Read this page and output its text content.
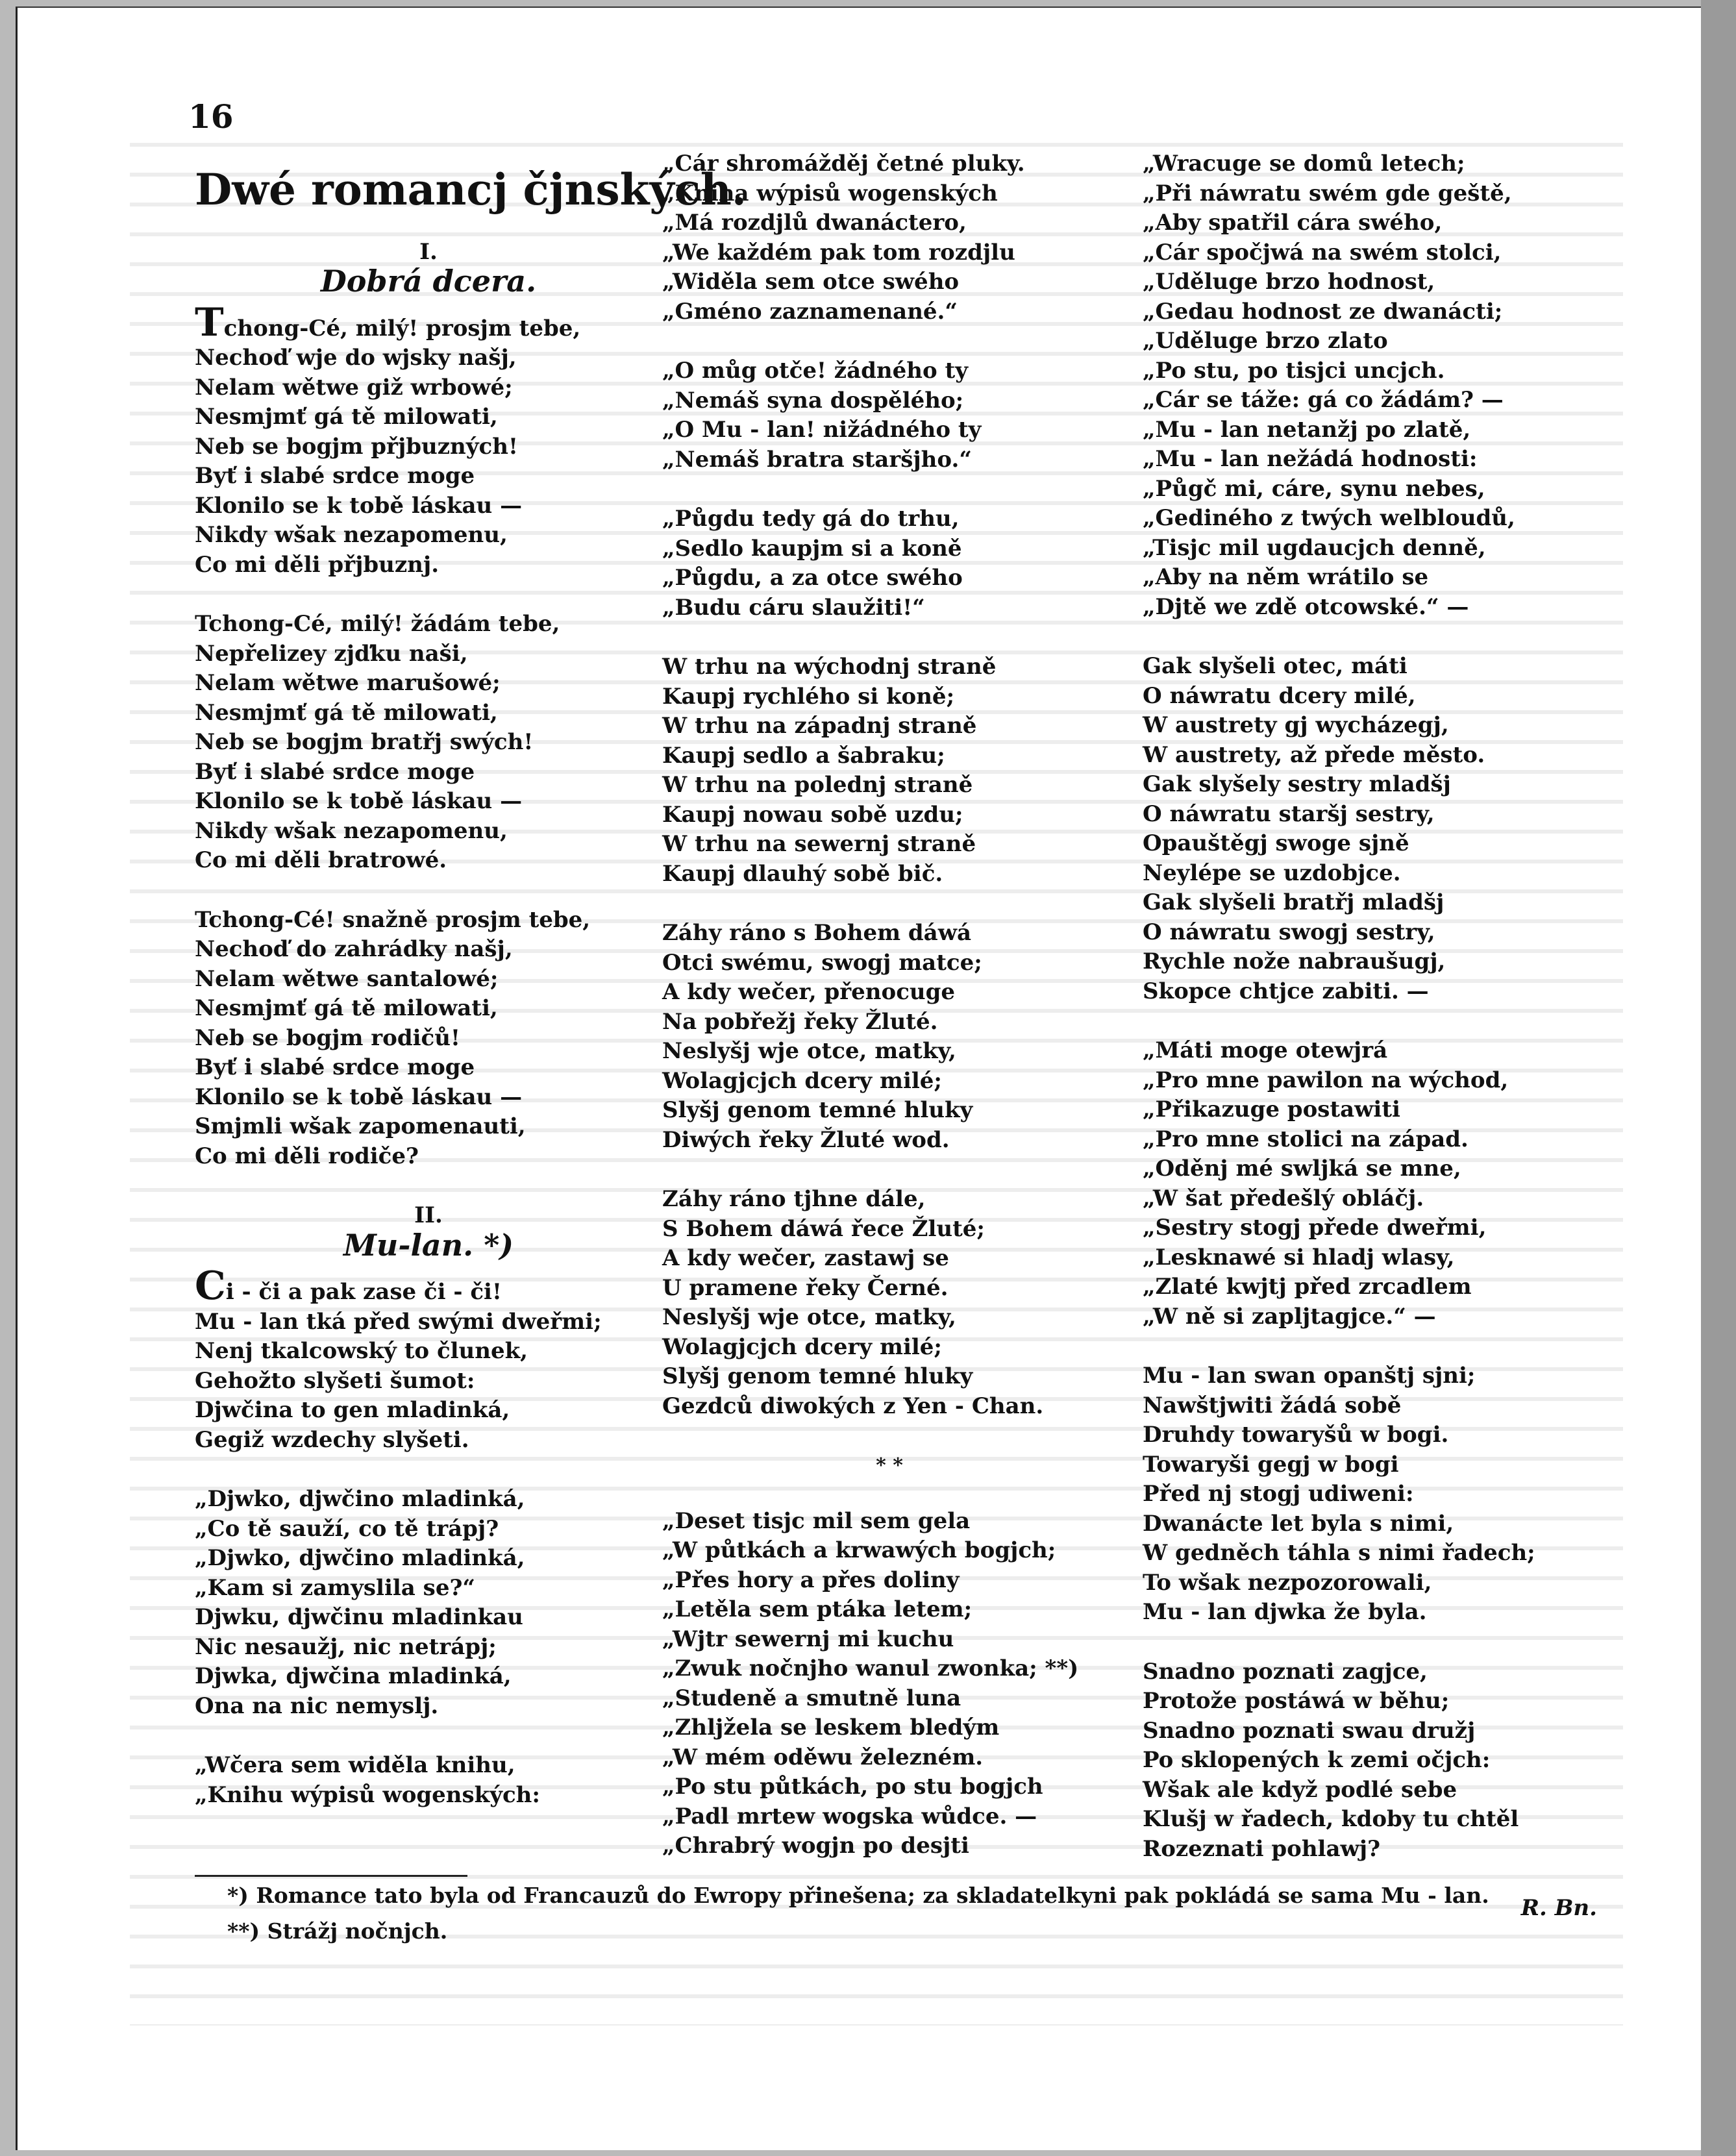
16
Dwé romancj čjnských.
I.
Dobrá dcera.
Tchong-Cé, milý! prosjm tebe,
Nechoď wje do wjsky našj,
Nelam wětwe giž wrbowé;
Nesmjmť gá tě milowati,
Neb se bogjm přjbuzných!
Byť i slabé srdce moge
Klonilo se k tobě láskau —
Nikdy wšak nezapomenu,
Co mi děli přjbuznj.
Tchong-Cé, milý! žádám tebe,
Nepřelizey zjďku naši,
Nelam wětwe marušowé;
Nesmjmť gá tě milowati,
Neb se bogjm bratřj swých!
Byť i slabé srdce moge
Klonilo se k tobě láskau —
Nikdy wšak nezapomenu,
Co mi děli bratrowé.
Tchong-Cé! snažně prosjm tebe,
Nechoď do zahrádky našj,
Nelam wětwe santalowé;
Nesmjmť gá tě milowati,
Neb se bogjm rodičů!
Byť i slabé srdce moge
Klonilo se k tobě láskau —
Smjmli wšak zapomenauti,
Co mi děli rodiče?
II.
Mu-lan. *)
Ci - či a pak zase či - či!
Mu - lan tká před swými dweřmi;
Nenj tkalcowský to člunek,
Gehožto slyšeti šumot:
Djwčina to gen mladinká,
Gegiž wzdechy slyšeti.
„Djwko, djwčino mladinká,
„Co tě sauží, co tě trápj?
„Djwko, djwčino mladinká,
„Kam si zamyslila se?“
Djwku, djwčinu mladinkau
Nic nesaužj, nic netrápj;
Djwka, djwčina mladinká,
Ona na nic nemyslj.
„Wčera sem widěla knihu,
„Knihu wýpisů wogenských:
„Cár shromážděj četné pluky.
„Kniha wýpisů wogenských
„Má rozdjlů dwanáctero,
„We každém pak tom rozdjlu
„Widěla sem otce swého
„Gméno zaznamenané.“
„O můg otče! žádného ty
„Nemáš syna dospělého;
„O Mu - lan! nižádného ty
„Nemáš bratra staršjho.“
„Půgdu tedy gá do trhu,
„Sedlo kaupjm si a koně
„Půgdu, a za otce swého
„Budu cáru slaužiti!“
W trhu na wýchodnj straně
Kaupj rychlého si koně;
W trhu na západnj straně
Kaupj sedlo a šabraku;
W trhu na polednj straně
Kaupj nowau sobě uzdu;
W trhu na sewernj straně
Kaupj dlauhý sobě bič.
Záhy ráno s Bohem dáwá
Otci swému, swogj matce;
A kdy wečer, přenocuge
Na pobřežj řeky Žluté.
Neslyšj wje otce, matky,
Wolagjcjch dcery milé;
Slyšj genom temné hluky
Diwých řeky Žluté wod.
Záhy ráno tjhne dále,
S Bohem dáwá řece Žluté;
A kdy wečer, zastawj se
U pramene řeky Černé.
Neslyšj wje otce, matky,
Wolagjcjch dcery milé;
Slyšj genom temné hluky
Gezdců diwokých z Yen - Chan.
* *
„Deset tisjc mil sem gela
„W půtkách a krwawých bogjch;
„Přes hory a přes doliny
„Letěla sem ptáka letem;
„Wjtr sewernj mi kuchu
„Zwuk nočnjho wanul zwonka; **)
„Studeně a smutně luna
„Zhljžela se leskem bledým
„W mém oděwu železném.
„Po stu půtkách, po stu bogjch
„Padl mrtew wogska wůdce. —
„Chrabrý wogjn po desjti
„Wracuge se domů letech;
„Při náwratu swém gde geště,
„Aby spatřil cára swého,
„Cár spočjwá na swém stolci,
„Uděluge brzo hodnost,
„Gedau hodnost ze dwanácti;
„Uděluge brzo zlato
„Po stu, po tisjci uncjch.
„Cár se táže: gá co žádám? —
„Mu - lan netanžj po zlatě,
„Mu - lan nežádá hodnosti:
„Půgč mi, cáre, synu nebes,
„Gediného z twých welbloudů,
„Tisjc mil ugdaucjch denně,
„Aby na něm wrátilo se
„Djtě we zdě otcowské.“ —
Gak slyšeli otec, máti
O náwratu dcery milé,
W austrety gj wycházegj,
W austrety, až přede město.
Gak slyšely sestry mladšj
O náwratu staršj sestry,
Opauštěgj swoge sjně
Neylépe se uzdobjce.
Gak slyšeli bratřj mladšj
O náwratu swogj sestry,
Rychle nože nabraušugj,
Skopce chtjce zabiti. —
„Máti moge otewjrá
„Pro mne pawilon na wýchod,
„Přikazuge postawiti
„Pro mne stolici na západ.
„Oděnj mé swljká se mne,
„W šat předešlý obláčj.
„Sestry stogj přede dweřmi,
„Lesknawé si hladj wlasy,
„Zlaté kwjtj před zrcadlem
„W ně si zapljtagjce.“ —
Mu - lan swan opanštj sjni;
Nawštjwiti žádá sobě
Druhdy towaryšů w bogi.
Towaryši gegj w bogi
Před nj stogj udiweni:
Dwanácte let byla s nimi,
W gedněch táhla s nimi řadech;
To wšak nezpozorowali,
Mu - lan djwka že byla.
Snadno poznati zagjce,
Protože postáwá w běhu;
Snadno poznati swau družj
Po sklopených k zemi očjch:
Wšak ale když podlé sebe
Klušj w řadech, kdoby tu chtěl
Rozeznati pohlawj?
R. Bn.
*) Romance tato byla od Francauzů do Ewropy přinešena; za skladatelkyni pak pokládá se sama Mu - lan.
**) Strážj nočnjch.
